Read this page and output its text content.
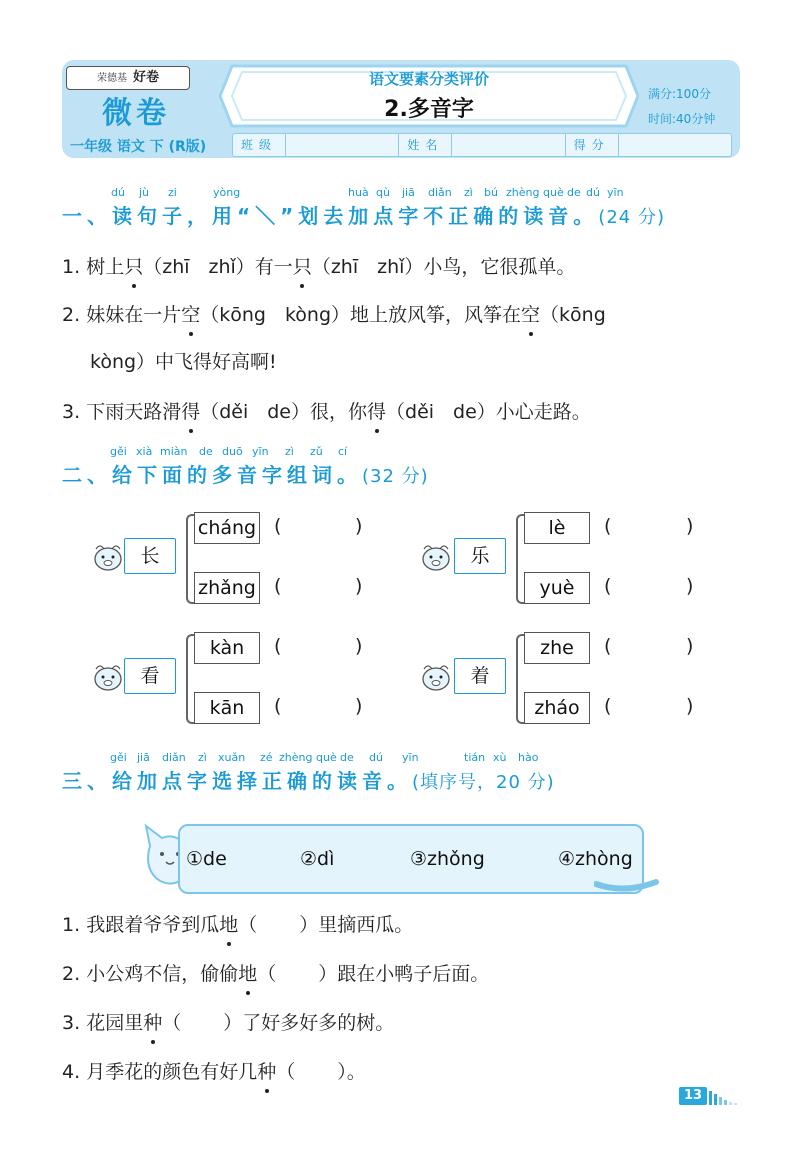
荣德基 好卷
微卷
一年级 语文 下 (R版)
语文要素分类评价
2.多音字
满分:100分
时间:40分钟
班级	姓名	得分
dú jù zi	yòng	huà qù jiā diǎn zì bú zhèng què de dú yīn
一、读句子，用“＼”划去加点字不正确的读音。(24 分)
1. 树上只（zhī　zhǐ）有一只（zhī　zhǐ）小鸟，它很孤单。
2. 妹妹在一片空（kōng　kòng）地上放风筝，风筝在空（kōng
kòng）中飞得好高啊!
3. 下雨天路滑得（děi　de）很，你得（děi　de）小心走路。
gěi xià miàn de duō yīn zì zǔ cí
二、给下面的多音字组词。(32 分)
长
cháng (	)
zhǎng (	)
乐
lè	(	)
yuè	(	)
看
kàn	(	)
kān	(	)
着
zhe	(	)
zháo	(	)
gěi jiā diǎn zì xuǎn zé zhèng què de dú yīn	tián xù hào
三、给加点字选择正确的读音。(填序号，20 分)
①de	②dì	③zhǒng	④zhòng
1. 我跟着爷爷到瓜地（ ）里摘西瓜。
2. 小公鸡不信，偷偷地（ ）跟在小鸭子后面。
3. 花园里种（ ）了好多好多的树。
4. 月季花的颜色有好几种（ ）。
13
